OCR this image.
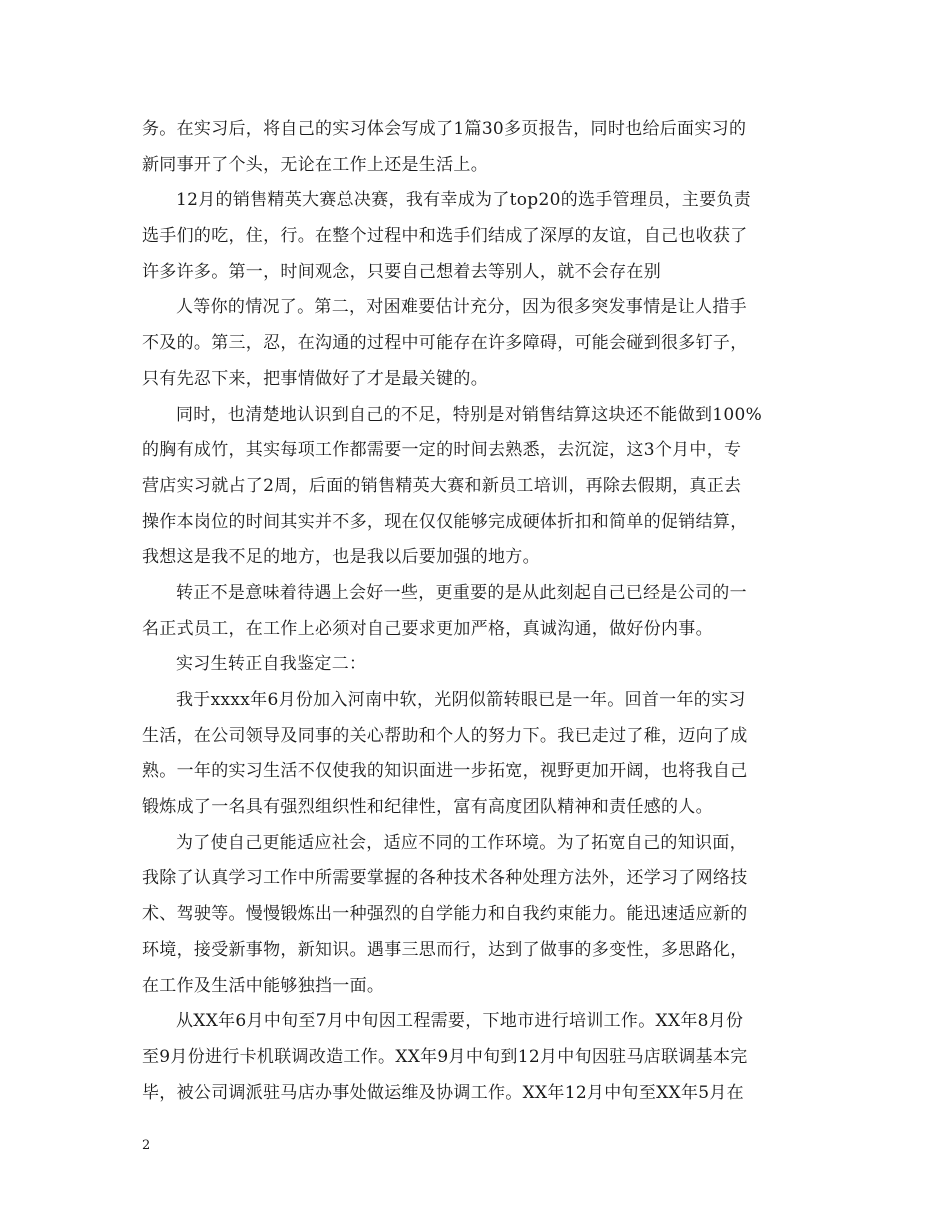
务。在实习后，将自己的实习体会写成了1篇30多页报告，同时也给后面实习的
新同事开了个头，无论在工作上还是生活上。
12月的销售精英大赛总决赛，我有幸成为了top20的选手管理员，主要负责
选手们的吃，住，行。在整个过程中和选手们结成了深厚的友谊，自己也收获了
许多许多。第一，时间观念，只要自己想着去等别人，就不会存在别
人等你的情况了。第二，对困难要估计充分，因为很多突发事情是让人措手
不及的。第三，忍，在沟通的过程中可能存在许多障碍，可能会碰到很多钉子，
只有先忍下来，把事情做好了才是最关键的。
同时，也清楚地认识到自己的不足，特别是对销售结算这块还不能做到100%
的胸有成竹，其实每项工作都需要一定的时间去熟悉，去沉淀，这3个月中，专
营店实习就占了2周，后面的销售精英大赛和新员工培训，再除去假期，真正去
操作本岗位的时间其实并不多，现在仅仅能够完成硬体折扣和简单的促销结算，
我想这是我不足的地方，也是我以后要加强的地方。
转正不是意味着待遇上会好一些，更重要的是从此刻起自己已经是公司的一
名正式员工，在工作上必须对自己要求更加严格，真诚沟通，做好份内事。
实习生转正自我鉴定二：
我于xxxx年6月份加入河南中软，光阴似箭转眼已是一年。回首一年的实习
生活，在公司领导及同事的关心帮助和个人的努力下。我已走过了稚，迈向了成
熟。一年的实习生活不仅使我的知识面进一步拓宽，视野更加开阔，也将我自己
锻炼成了一名具有强烈组织性和纪律性，富有高度团队精神和责任感的人。
为了使自己更能适应社会，适应不同的工作环境。为了拓宽自己的知识面，
我除了认真学习工作中所需要掌握的各种技术各种处理方法外，还学习了网络技
术、驾驶等。慢慢锻炼出一种强烈的自学能力和自我约束能力。能迅速适应新的
环境，接受新事物，新知识。遇事三思而行，达到了做事的多变性，多思路化，
在工作及生活中能够独挡一面。
从XX年6月中旬至7月中旬因工程需要，下地市进行培训工作。XX年8月份
至9月份进行卡机联调改造工作。XX年9月中旬到12月中旬因驻马店联调基本完
毕，被公司调派驻马店办事处做运维及协调工作。XX年12月中旬至XX年5月在
2
